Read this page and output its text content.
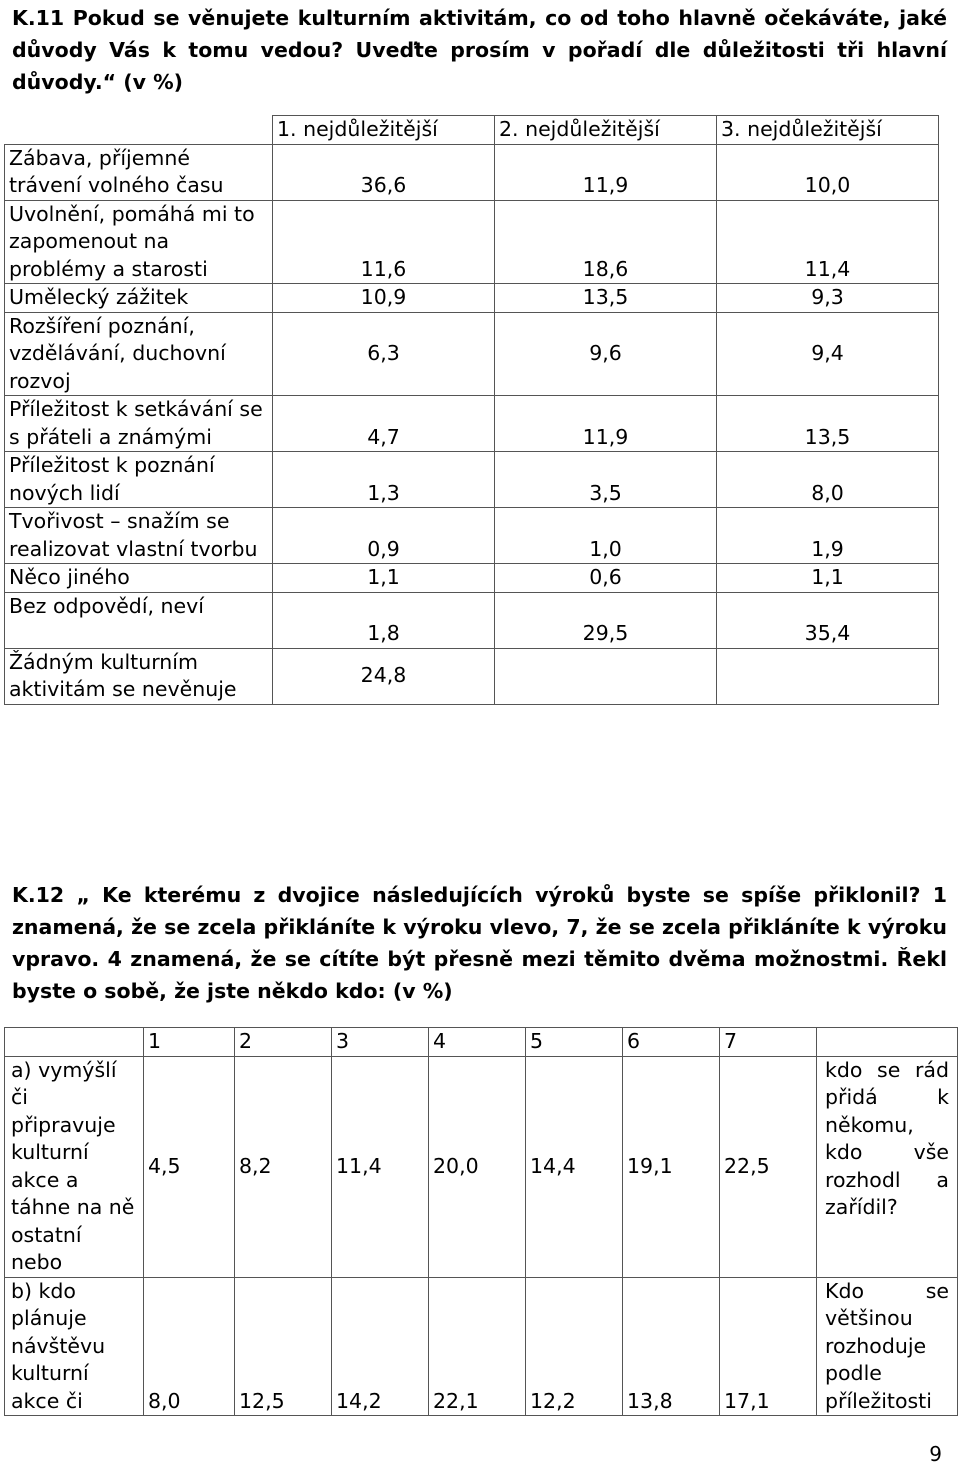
K.11 Pokud se věnujete kulturním aktivitám, co od toho hlavně očekáváte, jaké důvody Vás k tomu vedou? Uveďte prosím v pořadí dle důležitosti tři hlavní důvody.“ (v %)

	1. nejdůležitější	2. nejdůležitější	3. nejdůležitější
Zábava, příjemné trávení volného času	36,6	11,9	10,0
Uvolnění, pomáhá mi to zapomenout na problémy a starosti	11,6	18,6	11,4
Umělecký zážitek	10,9	13,5	9,3
Rozšíření poznání, vzdělávání, duchovní rozvoj	6,3	9,6	9,4
Příležitost k setkávání se s přáteli a známými	4,7	11,9	13,5
Příležitost k poznání nových lidí	1,3	3,5	8,0
Tvořivost – snažím se realizovat vlastní tvorbu	0,9	1,0	1,9
Něco jiného	1,1	0,6	1,1
Bez odpovědí, neví	1,8	29,5	35,4
Žádným kulturním aktivitám se nevěnuje	24,8		

K.12 „ Ke kterému z dvojice následujících výroků byste se spíše přiklonil? 1 znamená, že se zcela přikláníte k výroku vlevo, 7, že se zcela přikláníte k výroku vpravo. 4 znamená, že se cítíte být přesně mezi těmito dvěma možnostmi. Řekl byste o sobě, že jste někdo kdo: (v %)

	1	2	3	4	5	6	7	
a) vymýšlí či připravuje kulturní akce a táhne na ně ostatní nebo	4,5	8,2	11,4	20,0	14,4	19,1	22,5	kdo se rád přidá k někomu, kdo vše rozhodl a zařídil?
b) kdo plánuje návštěvu kulturní akce či	8,0	12,5	14,2	22,1	12,2	13,8	17,1	Kdo se většinou rozhoduje podle příležitosti
9
